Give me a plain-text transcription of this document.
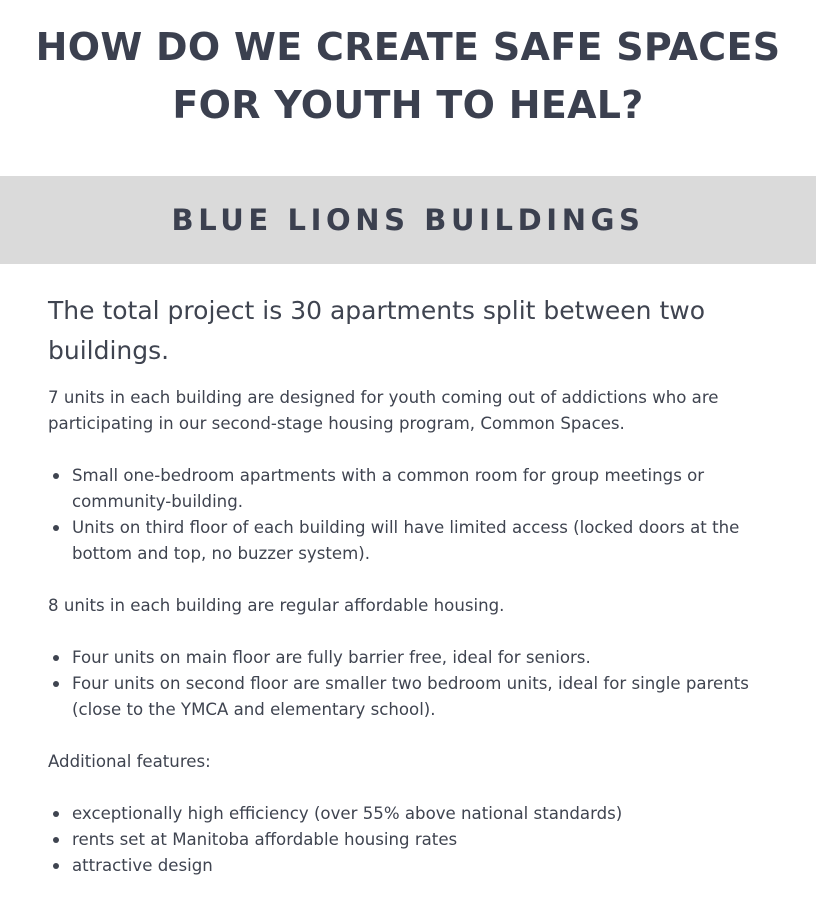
HOW DO WE CREATE SAFE SPACES
FOR YOUTH TO HEAL?
BLUE LIONS BUILDINGS

The total project is 30 apartments split between two buildings.

7 units in each building are designed for youth coming out of addictions who are participating in our second-stage housing program, Common Spaces.

Small one-bedroom apartments with a common room for group meetings or community-building.
Units on third floor of each building will have limited access (locked doors at the bottom and top, no buzzer system).

8 units in each building are regular affordable housing.

Four units on main floor are fully barrier free, ideal for seniors.
Four units on second floor are smaller two bedroom units, ideal for single parents (close to the YMCA and elementary school).

Additional features:

exceptionally high efficiency (over 55% above national standards)
rents set at Manitoba affordable housing rates
attractive design
